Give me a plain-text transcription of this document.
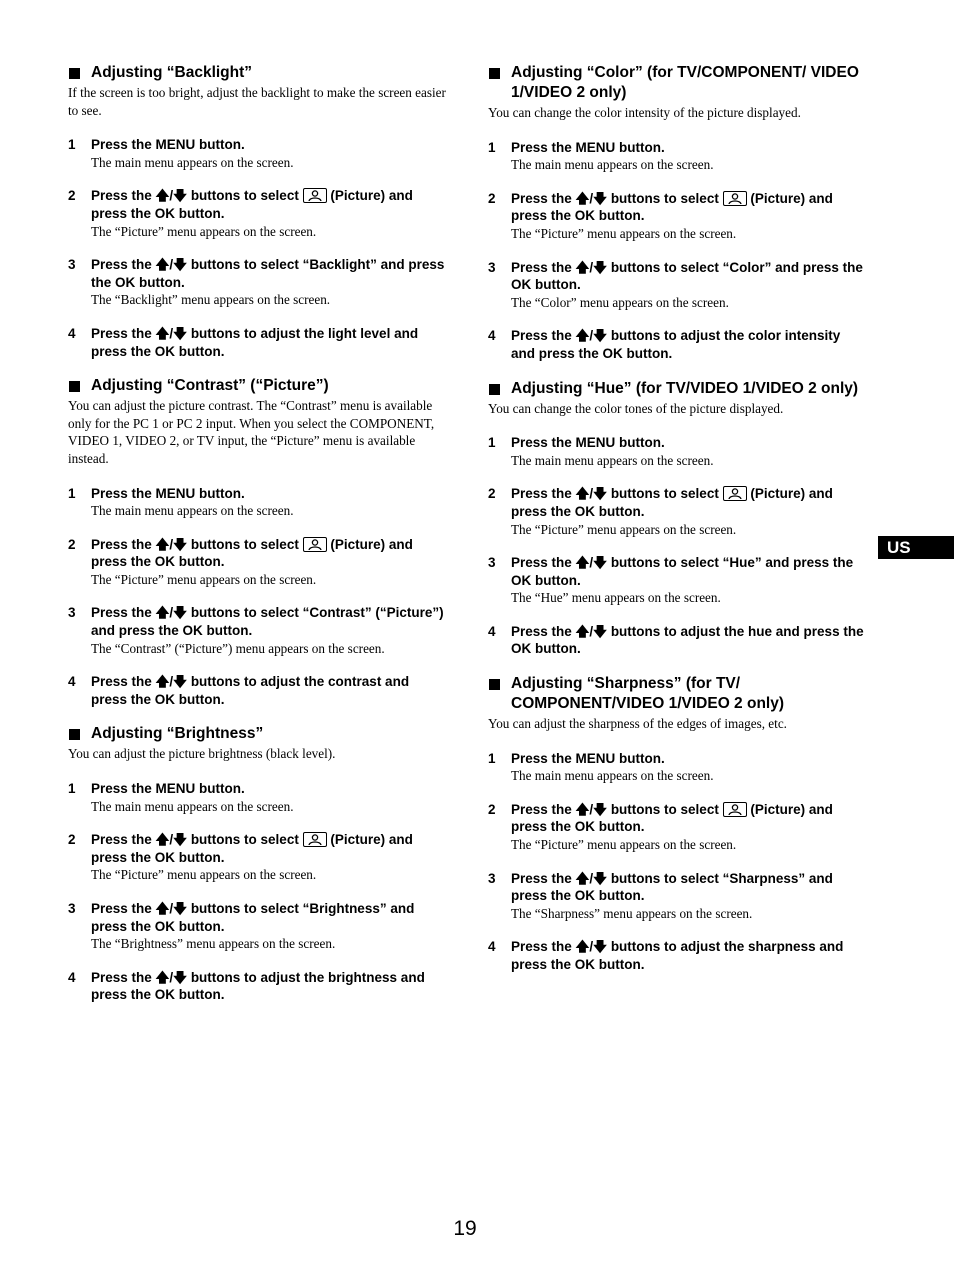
Adjusting “Backlight”
If the screen is too bright, adjust the backlight to make the screen easier to see.
1 Press the MENU button.
The main menu appears on the screen.
2 Press the 🡅/🡇 buttons to select
(Picture) and press the OK button.
The “Picture” menu appears on the screen.
3 Press the 🡅/🡇 buttons to select “Backlight” and press the OK button.
The “Backlight” menu appears on the screen.
4 Press the 🡅/🡇 buttons to adjust the light level and press the OK button.
Adjusting “Contrast” (“Picture”)
You can adjust the picture contrast. The “Contrast” menu is available only for the PC 1 or PC 2 input. When you select the COMPONENT, VIDEO 1, VIDEO 2, or TV input, the “Picture” menu is available instead.
1 Press the MENU button.
The main menu appears on the screen.
2 Press the 🡅/🡇 buttons to select
(Picture) and press the OK button.
The “Picture” menu appears on the screen.
3 Press the 🡅/🡇 buttons to select “Contrast” (“Picture”) and press the OK button.
The “Contrast” (“Picture”) menu appears on the screen.
4 Press the 🡅/🡇 buttons to adjust the contrast and press the OK button.
Adjusting “Brightness”
You can adjust the picture brightness (black level).
1 Press the MENU button.
The main menu appears on the screen.
2 Press the 🡅/🡇 buttons to select
(Picture) and press the OK button.
The “Picture” menu appears on the screen.
3 Press the 🡅/🡇 buttons to select “Brightness” and press the OK button.
The “Brightness” menu appears on the screen.
4 Press the 🡅/🡇 buttons to adjust the brightness and press the OK button.
Adjusting “Color” (for TV/COMPONENT/ VIDEO 1/VIDEO 2 only)
You can change the color intensity of the picture displayed.
1 Press the MENU button.
The main menu appears on the screen.
2 Press the 🡅/🡇 buttons to select
(Picture) and press the OK button.
The “Picture” menu appears on the screen.
3 Press the 🡅/🡇 buttons to select “Color” and press the OK button.
The “Color” menu appears on the screen.
4 Press the 🡅/🡇 buttons to adjust the color intensity and press the OK button.
Adjusting “Hue” (for TV/VIDEO 1/VIDEO 2 only)
You can change the color tones of the picture displayed.
1 Press the MENU button.
The main menu appears on the screen.
2 Press the 🡅/🡇 buttons to select
(Picture) and press the OK button.
The “Picture” menu appears on the screen.
3 Press the 🡅/🡇 buttons to select “Hue” and press the OK button.
The “Hue” menu appears on the screen.
4 Press the 🡅/🡇 buttons to adjust the hue and press the OK button.
Adjusting “Sharpness” (for TV/ COMPONENT/VIDEO 1/VIDEO 2 only)
You can adjust the sharpness of the edges of images, etc.
1 Press the MENU button.
The main menu appears on the screen.
2 Press the 🡅/🡇 buttons to select
(Picture) and press the OK button.
The “Picture” menu appears on the screen.
3 Press the 🡅/🡇 buttons to select “Sharpness” and press the OK button.
The “Sharpness” menu appears on the screen.
4 Press the 🡅/🡇 buttons to adjust the sharpness and press the OK button.
US
19
